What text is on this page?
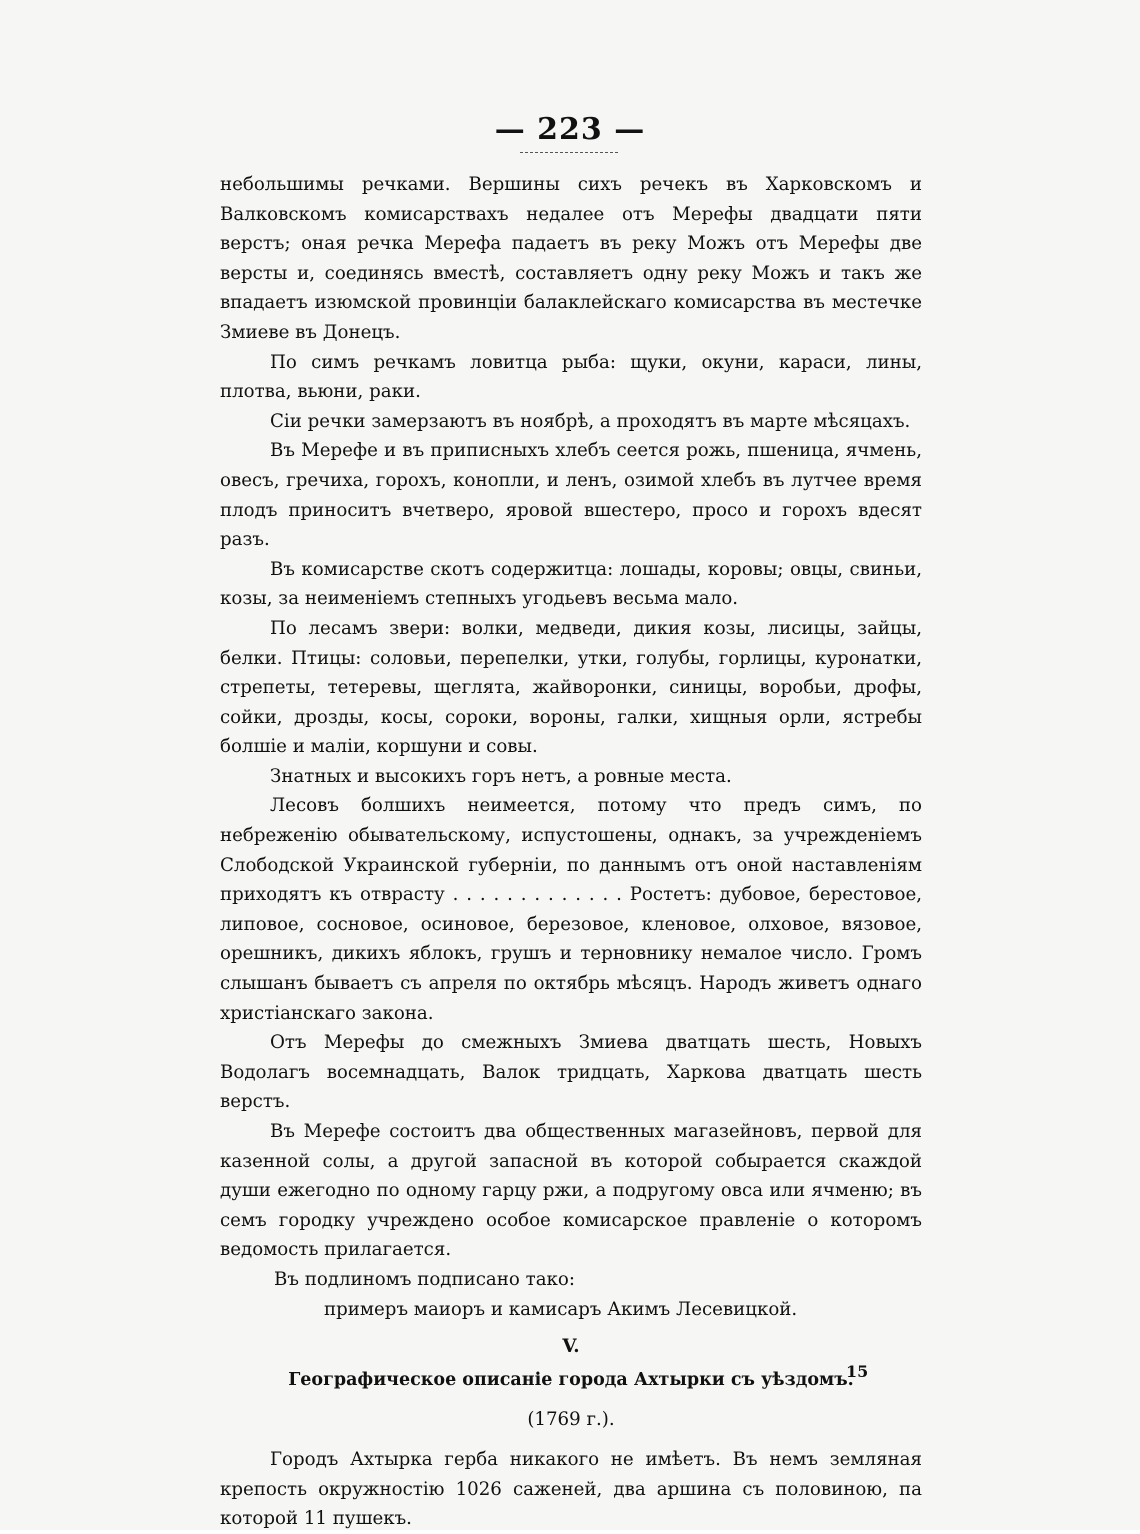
— 223 —

небольшимы речками. Вершины сихъ речекъ въ Харковскомъ и Валковскомъ комисарствахъ недалее отъ Мерефы двадцати пяти верстъ; оная речка Мерефа падаетъ въ реку Можъ отъ Мерефы две версты и, соединясь вместѣ, составляетъ одну реку Можъ и такъ же впадаетъ изюмской провинціи балаклейскаго комисарства въ местечке Змиеве въ Донецъ.

По симъ речкамъ ловитца рыба: щуки, окуни, караси, лины, плотва, вьюни, раки.

Сіи речки замерзаютъ въ ноябрѣ, а проходятъ въ марте мѣсяцахъ.

Въ Мерефе и въ приписныхъ хлебъ сеется рожь, пшеница, ячмень, овесъ, гречиха, горохъ, конопли, и ленъ, озимой хлебъ въ лутчее время плодъ приноситъ вчетверо, яровой вшестеро, просо и горохъ вдесят разъ.

Въ комисарстве скотъ содержитца: лошады, коровы; овцы, свиньи, козы, за неименіемъ степныхъ угодьевъ весьма мало.

По лесамъ звери: волки, медведи, дикия козы, лисицы, зайцы, белки. Птицы: соловьи, перепелки, утки, голубы, горлицы, куронатки, стрепеты, тетеревы, щеглята, жайворонки, синицы, воробьи, дрофы, сойки, дрозды, косы, сороки, вороны, галки, хищныя орли, ястребы болшіе и маліи, коршуни и совы.

Знатных и высокихъ горъ нетъ, а ровные места.

Лесовъ болшихъ неимеется, потому что предъ симъ, по небреженію обывательскому, испустошены, однакъ, за учрежденіемъ Слободской Украинской губерніи, по даннымъ отъ оной наставленіям приходятъ къ отврасту . . . . . . . . . . . . . Ростетъ: дубовое, берестовое, липовое, сосновое, осиновое, березовое, кленовое, олховое, вязовое, орешникъ, дикихъ яблокъ, грушъ и терновнику немалое число. Громъ слышанъ бываетъ съ апреля по октябрь мѣсяцъ. Народъ живетъ однаго христіанскаго закона.

Отъ Мерефы до смежныхъ Змиева дватцать шесть, Новыхъ Водолагъ восемнадцать, Валок тридцать, Харкова дватцать шесть верстъ.

Въ Мерефе состоитъ два общественных магазейновъ, первой для казенной солы, а другой запасной въ которой собырается скаждой души ежегодно по одному гарцу ржи, а подругому овса или ячменю; въ семъ городку учреждено особое комисарское правленіе о которомъ ведомость прилагается.

Въ подлиномъ подписано тако:

примеръ маиоръ и камисаръ Акимъ Лесевицкой.

V.

Географическое описаніе города Ахтырки съ уѣздомъ.

(1769 г.).

Городъ Ахтырка герба никакого не имѣетъ. Въ немъ земляная крепость окружностію 1026 саженей, два аршина съ половиною, па которой 11 пушекъ.

15
